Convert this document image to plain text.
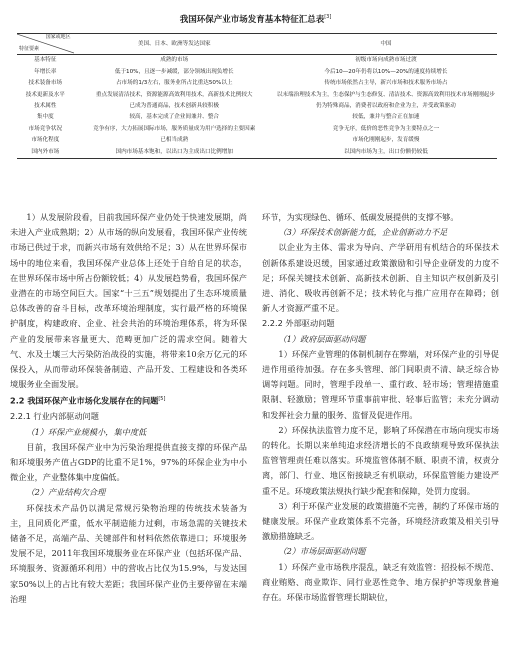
我国环保产业市场发育基本特征汇总表[3]
国家或地区
特征要素	美国、日本、欧洲等发达国家	中国
基本特征	成熟的市场	初级市场向成熟市场过渡
年增长率	低于10%，且逐一步减缓，部分领域出现负增长	今后10—20年仍将以10%—20%的速度持续增长
技术装备市场	占市场的1/3左右，服务业所占比重达50%以上	传统市场依然占主导，新兴市场和技术服务市场占
技术更新及水平	重点发展清洁技术，资源能源高效利用技术，高新技术比例较大	以末端治理技术为主，生态保护与生态修复、清洁技术、资源高效利用技术市场刚刚起步
技术属性	已成为普通商品，技术创新具较积极	仍为特殊商品，消费者以政府和企业为主，并受政策驱动
集中度	较高，基本完成了企业间兼并、整合	较低，兼并与整合正在加速
市场竞争状况	竞争有序，大力拓展国际市场，服务质量成为用户选择的主要因素	竞争无序，低价的恶性竞争为主要特点之一
市场化程度	已相当成熟	市场化刚刚起步，发育缓慢
国内外市场	国内市场基本饱和，以出口为主成出口比例增加	以国内市场为主，出口份额仍较低

1）从发展阶段看，目前我国环保产业仍处于快速发展期，尚未进入产业成熟期；2）从市场的纵向发展看，我国环保产业传统市场已供过于求，而新兴市场有效供给不足；3）从在世界环保市场中的地位来看，我国环保产业总体上还处于自给自足的状态，在世界环保市场中所占份额较低；4）从发展趋势看，我国环保产业潜在的市场空间巨大。国家“十三五”规划提出了生态环境质量总体改善的奋斗目标，改革环境治理制度，实行最严格的环境保护制度，构建政府、企业、社会共治的环境治理体系，将为环保产业的发展带来容量更大、范畴更加广泛的需求空间。随着大气、水及土壤三大污染防治战役的实施，将带来10余万亿元的环保投入，从而带动环保装备制造、产品开发、工程建设和各类环境服务业全面发展。

2.2 我国环保产业市场化发展存在的问题[5]

2.2.1 行业内部驱动问题

（1）环保产业规模小，集中度低

目前，我国环保产业中为污染治理提供直接支撑的环保产品和环境服务产值占GDP的比重不足1%，97%的环保企业为中小微企业，产业整体集中度偏低。

（2）产业结构欠合理

环保技术产品仍以满足常规污染物治理的传统技术装备为主，且同质化严重，低水平制造能力过剩，市场急需的关键技术储备不足，高端产品、关键部件和材料依然依靠进口；环境服务发展不足，2011年我国环境服务业在环保产业（包括环保产品、环境服务、资源循环利用）中的营收占比仅为15.9%，与发达国家50%以上的占比有较大差距；我国环保产业仍主要停留在末端治理

环节，为实现绿色、循环、低碳发展提供的支撑不够。

（3）环保技术创新能力低，企业创新动力不足

以企业为主体、需求为导向、产学研用有机结合的环保技术创新体系建设迟缓，国家通过政策激励和引导企业研发的力度不足；环保关键技术创新、高新技术创新、自主知识产权创新及引进、消化、吸收再创新不足；技术转化与推广应用存在障碍；创新人才资源严重不足。

2.2.2 外部驱动问题

（1）政府层面驱动问题

1）环保产业管理的体制机制存在弊端，对环保产业的引导促进作用亟待加强。存在多头管理、部门间职责不清、缺乏综合协调等问题。同时，管理手段单一、重行政、轻市场；管理措施重限制、轻激励；管理环节重事前审批、轻事后监管；未充分调动和发挥社会力量的服务、监督及促进作用。

2）环保执法监管力度不足，影响了环保潜在市场向现实市场的转化。长期以来单纯追求经济增长的不良政绩观导致环保执法监管管理责任难以落实。环境监管体制不顺、职责不清，权责分离，部门、行业、地区衔接缺乏有机联动，环保监管能力建设严重不足。环境政策法规执行缺少配套和保障，处罚力度弱。

3）利于环保产业发展的政策措施不完善，制约了环保市场的健康发展。环保产业政策体系不完备，环境经济政策及相关引导激励措施缺乏。

（2）市场层面驱动问题

1）环保产业市场秩序混乱，缺乏有效监管：招投标不规范、商业贿赂、商业欺诈、同行业恶性竞争、地方保护护等现象普遍存在。环保市场监督管理长期缺位，
